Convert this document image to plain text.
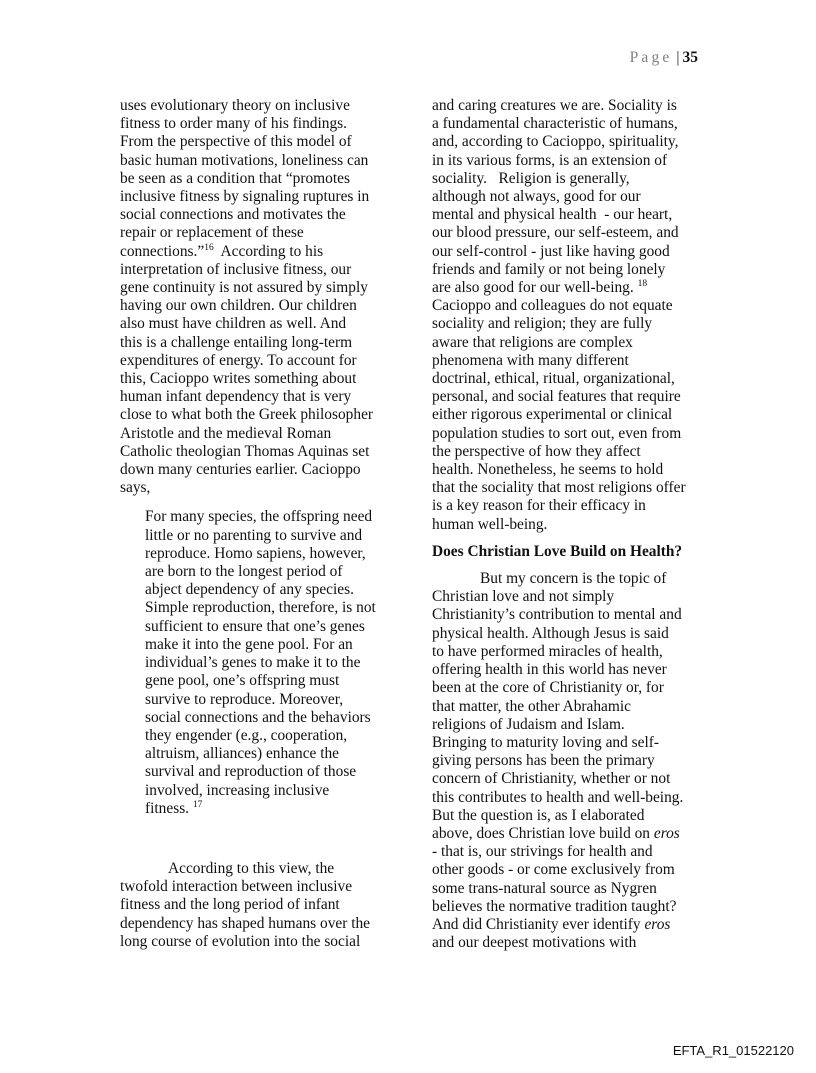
Page | 35
uses evolutionary theory on inclusive
fitness to order many of his findings.
From the perspective of this model of
basic human motivations, loneliness can
be seen as a condition that “promotes
inclusive fitness by signaling ruptures in
social connections and motivates the
repair or replacement of these
connections.”$^{16}$  According to his
interpretation of inclusive fitness, our
gene continuity is not assured by simply
having our own children. Our children
also must have children as well. And
this is a challenge entailing long-term
expenditures of energy. To account for
this, Cacioppo writes something about
human infant dependency that is very
close to what both the Greek philosopher
Aristotle and the medieval Roman
Catholic theologian Thomas Aquinas set
down many centuries earlier. Cacioppo
says,
For many species, the offspring need
little or no parenting to survive and
reproduce. Homo sapiens, however,
are born to the longest period of
abject dependency of any species.
Simple reproduction, therefore, is not
sufficient to ensure that one’s genes
make it into the gene pool. For an
individual’s genes to make it to the
gene pool, one’s offspring must
survive to reproduce. Moreover,
social connections and the behaviors
they engender (e.g., cooperation,
altruism, alliances) enhance the
survival and reproduction of those
involved, increasing inclusive
fitness. $^{17}$
According to this view, the
twofold interaction between inclusive
fitness and the long period of infant
dependency has shaped humans over the
long course of evolution into the social
and caring creatures we are. Sociality is
a fundamental characteristic of humans,
and, according to Cacioppo, spirituality,
in its various forms, is an extension of
sociality.   Religion is generally,
although not always, good for our
mental and physical health  - our heart,
our blood pressure, our self-esteem, and
our self-control - just like having good
friends and family or not being lonely
are also good for our well-being. $^{18}$
Cacioppo and colleagues do not equate
sociality and religion; they are fully
aware that religions are complex
phenomena with many different
doctrinal, ethical, ritual, organizational,
personal, and social features that require
either rigorous experimental or clinical
population studies to sort out, even from
the perspective of how they affect
health. Nonetheless, he seems to hold
that the sociality that most religions offer
is a key reason for their efficacy in
human well-being.
Does Christian Love Build on Health?
But my concern is the topic of
Christian love and not simply
Christianity’s contribution to mental and
physical health. Although Jesus is said
to have performed miracles of health,
offering health in this world has never
been at the core of Christianity or, for
that matter, the other Abrahamic
religions of Judaism and Islam.
Bringing to maturity loving and self-
giving persons has been the primary
concern of Christianity, whether or not
this contributes to health and well-being.
But the question is, as I elaborated
above, does Christian love build on eros
- that is, our strivings for health and
other goods - or come exclusively from
some trans-natural source as Nygren
believes the normative tradition taught?
And did Christianity ever identify eros
and our deepest motivations with
EFTA_R1_01522120
